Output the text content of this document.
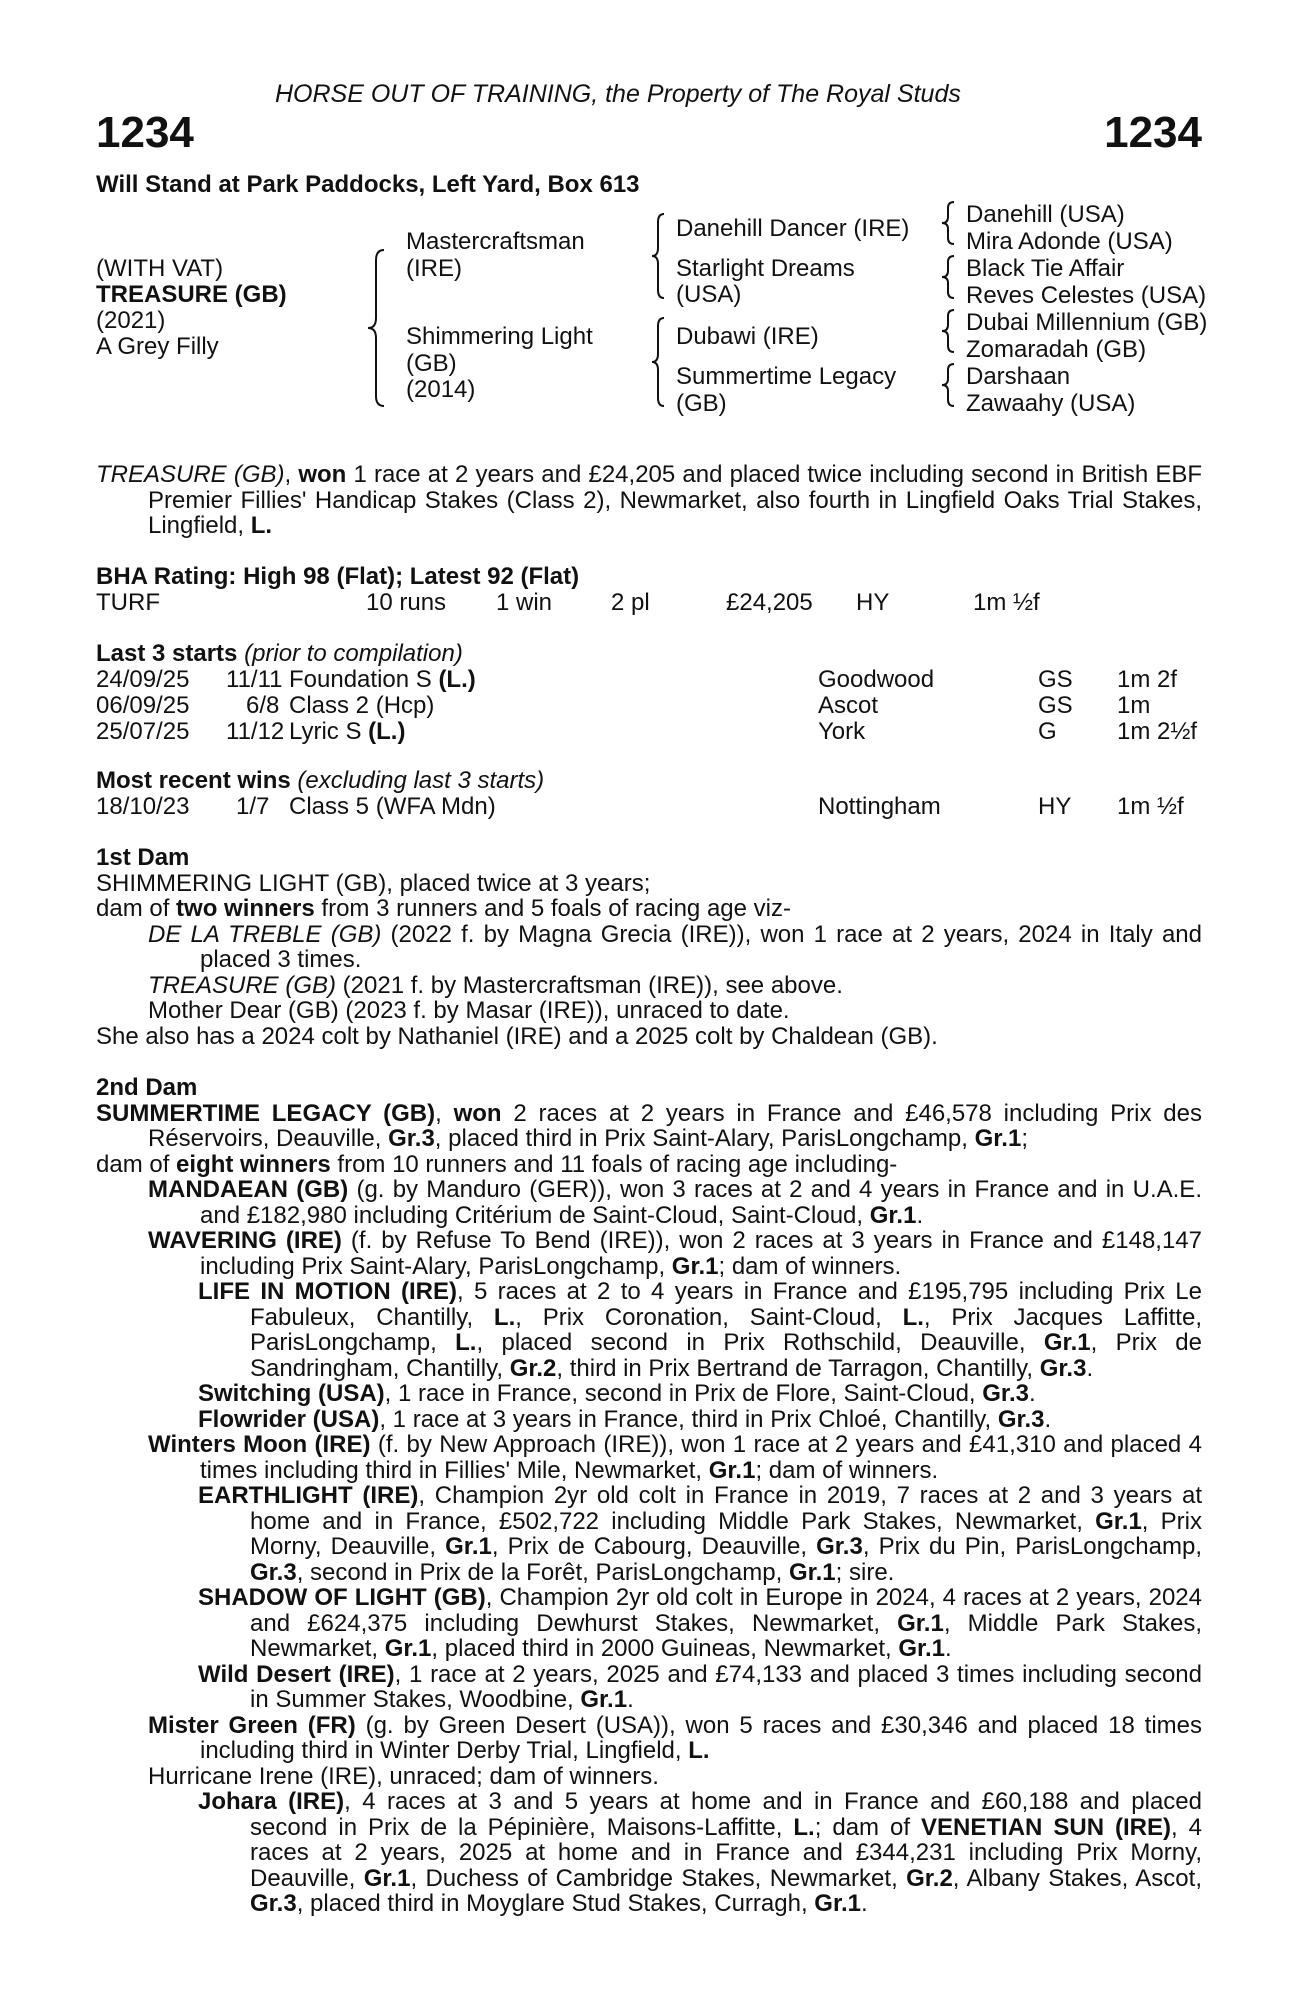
HORSE OUT OF TRAINING, the Property of The Royal Studs
1234	1234
Will Stand at Park Paddocks, Left Yard, Box 613
(WITH VAT)
TREASURE (GB)
(2021)
A Grey Filly
Mastercraftsman
(IRE)
Shimmering Light
(GB)
(2014)
Danehill Dancer (IRE)
Starlight Dreams
(USA)
Dubawi (IRE)
Summertime Legacy
(GB)
Danehill (USA)
Mira Adonde (USA)
Black Tie Affair
Reves Celestes (USA)
Dubai Millennium (GB)
Zomaradah (GB)
Darshaan
Zawaahy (USA)

TREASURE (GB), won 1 race at 2 years and £24,205 and placed twice including second in British EBF Premier Fillies' Handicap Stakes (Class 2), Newmarket, also fourth in Lingfield Oaks Trial Stakes, Lingfield, L.

BHA Rating: High 98 (Flat); Latest 92 (Flat)
TURF	10 runs 1 win 2 pl	£24,205 HY	1m ½f
Last 3 starts (prior to compilation)
24/09/25 11/11 Foundation S (L.)	Goodwood	GS 1m 2f
06/09/25 6/8 Class 2 (Hcp)	Ascot	GS 1m
25/07/25 11/12 Lyric S (L.)	York	G	1m 2½f
Most recent wins (excluding last 3 starts)
18/10/23 1/7 Class 5 (WFA Mdn)	Nottingham	HY 1m ½f

1st Dam

SHIMMERING LIGHT (GB), placed twice at 3 years;

dam of two winners from 3 runners and 5 foals of racing age viz-

DE LA TREBLE (GB) (2022 f. by Magna Grecia (IRE)), won 1 race at 2 years, 2024 in Italy and placed 3 times.

TREASURE (GB) (2021 f. by Mastercraftsman (IRE)), see above.

Mother Dear (GB) (2023 f. by Masar (IRE)), unraced to date.

She also has a 2024 colt by Nathaniel (IRE) and a 2025 colt by Chaldean (GB).

2nd Dam

SUMMERTIME LEGACY (GB), won 2 races at 2 years in France and £46,578 including Prix des Réservoirs, Deauville, Gr.3, placed third in Prix Saint-Alary, ParisLongchamp, Gr.1;

dam of eight winners from 10 runners and 11 foals of racing age including-

MANDAEAN (GB) (g. by Manduro (GER)), won 3 races at 2 and 4 years in France and in U.A.E. and £182,980 including Critérium de Saint-Cloud, Saint-Cloud, Gr.1.

WAVERING (IRE) (f. by Refuse To Bend (IRE)), won 2 races at 3 years in France and £148,147 including Prix Saint-Alary, ParisLongchamp, Gr.1; dam of winners.

LIFE IN MOTION (IRE), 5 races at 2 to 4 years in France and £195,795 including Prix Le Fabuleux, Chantilly, L., Prix Coronation, Saint-Cloud, L., Prix Jacques Laffitte, ParisLongchamp, L., placed second in Prix Rothschild, Deauville, Gr.1, Prix de Sandringham, Chantilly, Gr.2, third in Prix Bertrand de Tarragon, Chantilly, Gr.3.

Switching (USA), 1 race in France, second in Prix de Flore, Saint-Cloud, Gr.3.

Flowrider (USA), 1 race at 3 years in France, third in Prix Chloé, Chantilly, Gr.3.

Winters Moon (IRE) (f. by New Approach (IRE)), won 1 race at 2 years and £41,310 and placed 4 times including third in Fillies' Mile, Newmarket, Gr.1; dam of winners.

EARTHLIGHT (IRE), Champion 2yr old colt in France in 2019, 7 races at 2 and 3 years at home and in France, £502,722 including Middle Park Stakes, Newmarket, Gr.1, Prix Morny, Deauville, Gr.1, Prix de Cabourg, Deauville, Gr.3, Prix du Pin, ParisLongchamp, Gr.3, second in Prix de la Forêt, ParisLongchamp, Gr.1; sire.

SHADOW OF LIGHT (GB), Champion 2yr old colt in Europe in 2024, 4 races at 2 years, 2024 and £624,375 including Dewhurst Stakes, Newmarket, Gr.1, Middle Park Stakes, Newmarket, Gr.1, placed third in 2000 Guineas, Newmarket, Gr.1.

Wild Desert (IRE), 1 race at 2 years, 2025 and £74,133 and placed 3 times including second in Summer Stakes, Woodbine, Gr.1.

Mister Green (FR) (g. by Green Desert (USA)), won 5 races and £30,346 and placed 18 times including third in Winter Derby Trial, Lingfield, L.

Hurricane Irene (IRE), unraced; dam of winners.

Johara (IRE), 4 races at 3 and 5 years at home and in France and £60,188 and placed second in Prix de la Pépinière, Maisons-Laffitte, L.; dam of VENETIAN SUN (IRE), 4 races at 2 years, 2025 at home and in France and £344,231 including Prix Morny, Deauville, Gr.1, Duchess of Cambridge Stakes, Newmarket, Gr.2, Albany Stakes, Ascot, Gr.3, placed third in Moyglare Stud Stakes, Curragh, Gr.1.
